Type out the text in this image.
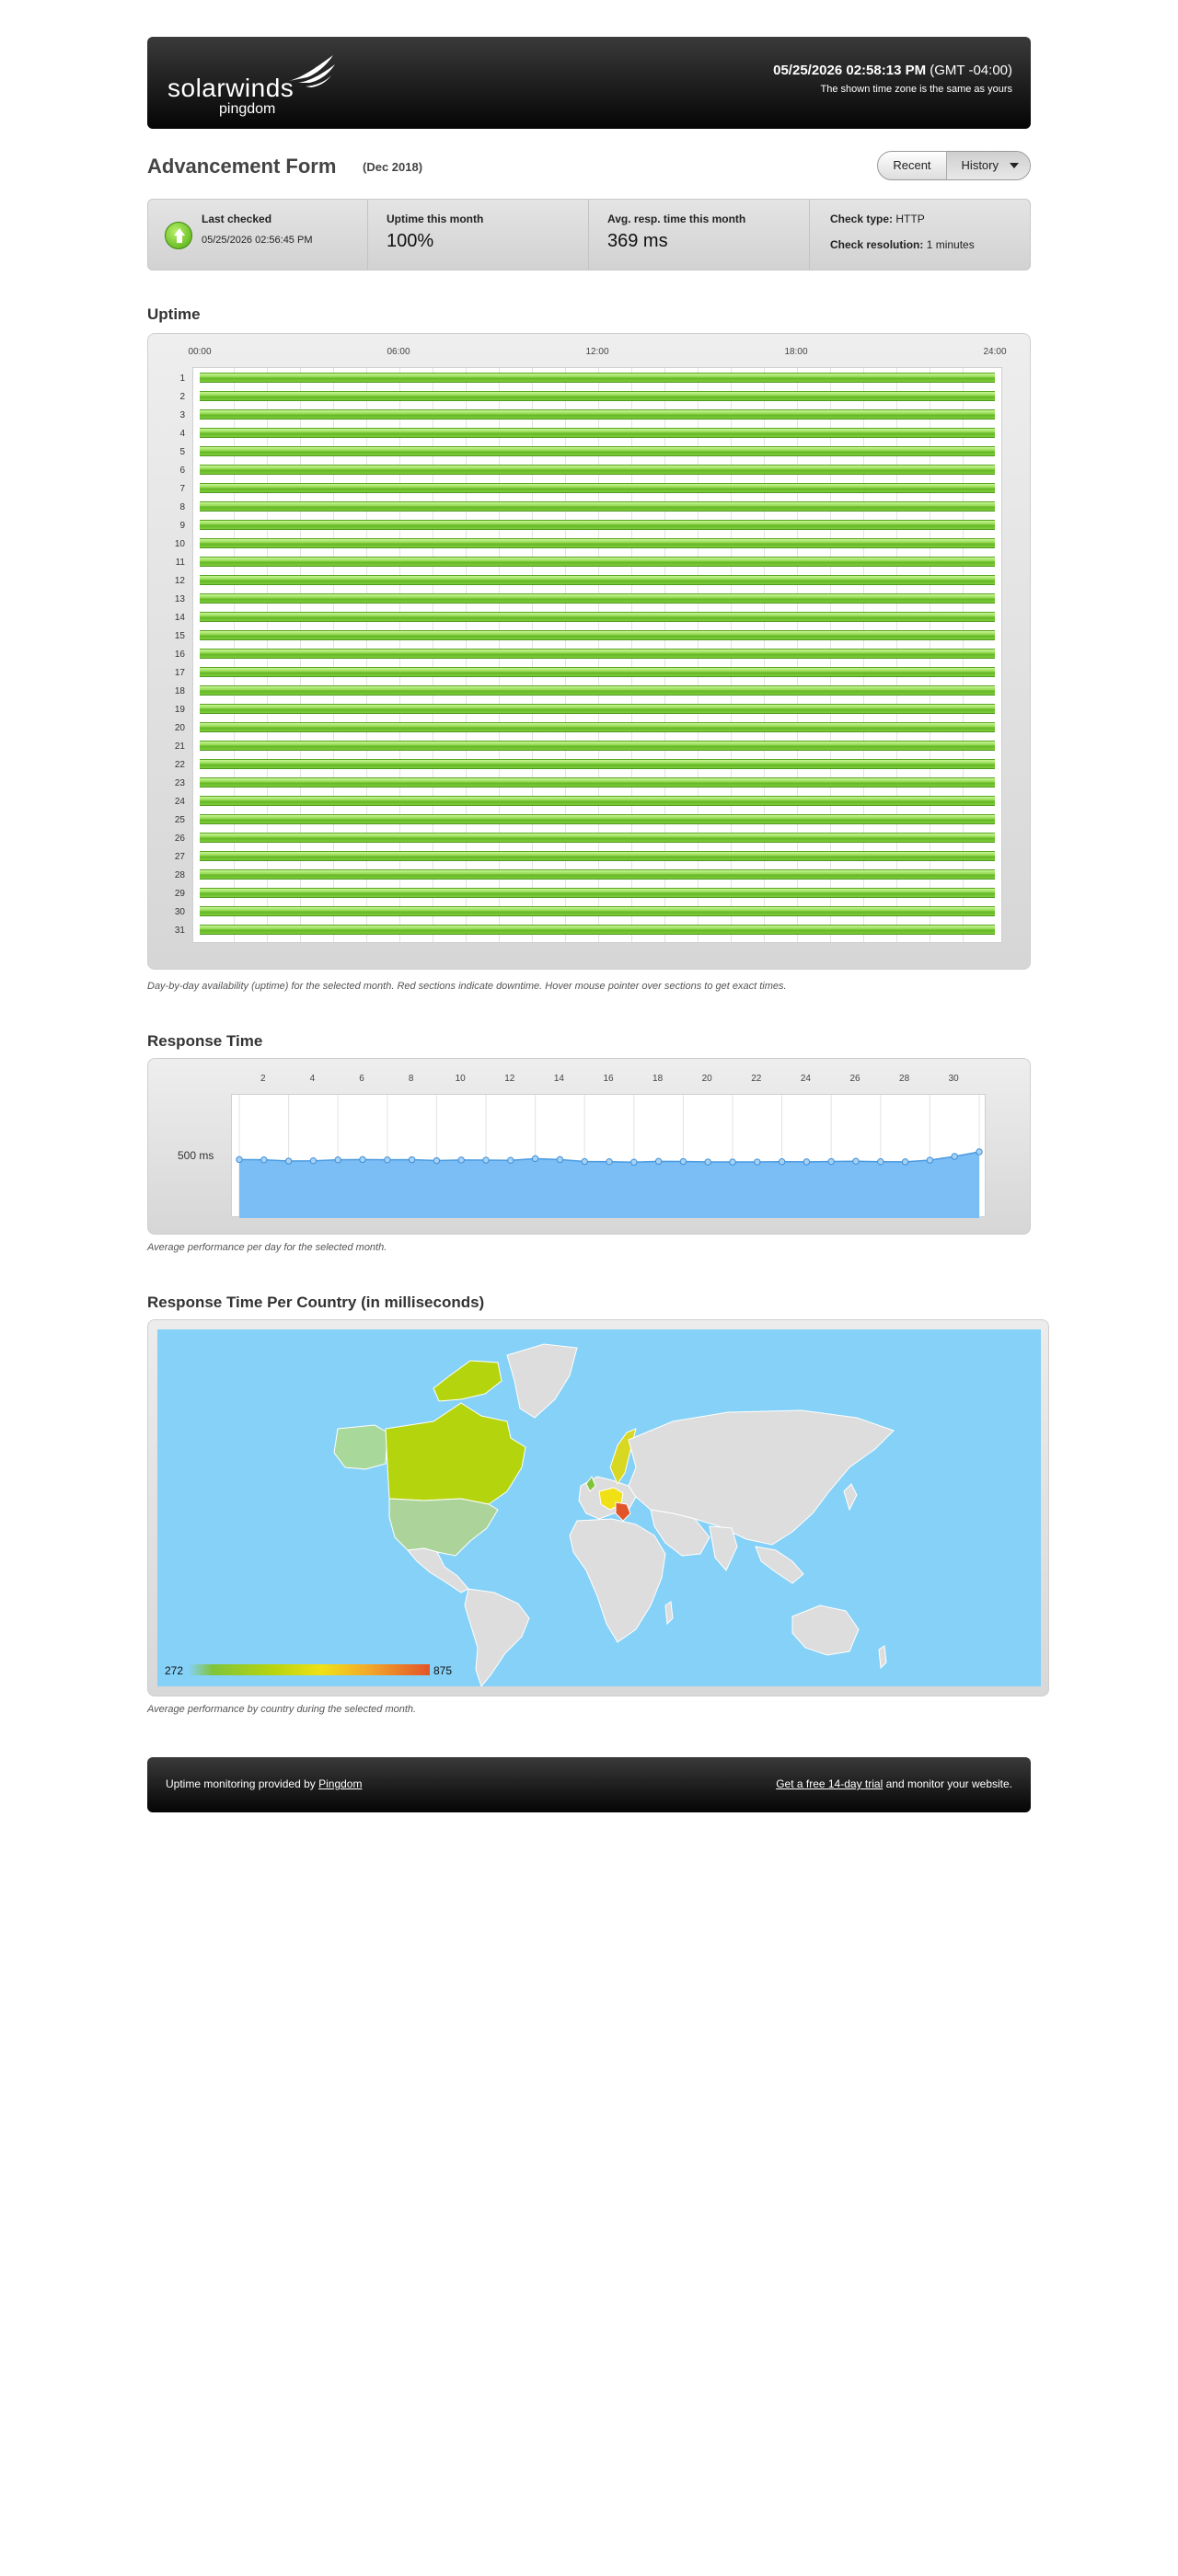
solarwinds
pingdom
05/25/2026 02:58:13 PM (GMT -04:00)
The shown time zone is the same as yours
Advancement Form (Dec 2018)	Recent	History
Last checked
05/25/2026 02:56:45 PM
Uptime this month
100%
Avg. resp. time this month
369 ms
Check type: HTTP
Check resolution: 1 minutes
Uptime
00:00	06:00	12:00	18:00	24:00
1
2
3
4
5
6
7
8
9
10
11
12
13
14
15
16
17
18
19
20
21
22
23
24
25
26
27
28
29
30
31
Day-by-day availability (uptime) for the selected month. Red sections indicate downtime. Hover mouse pointer over sections to get exact times.
Response Time
2	4	6	8	10	12	14	16	18	20	22	24	26	28	30
500 ms
Average performance per day for the selected month.
Response Time Per Country (in milliseconds)
272	875
Average performance by country during the selected month.
Uptime monitoring provided by Pingdom	Get a free 14-day trial and monitor your website.
